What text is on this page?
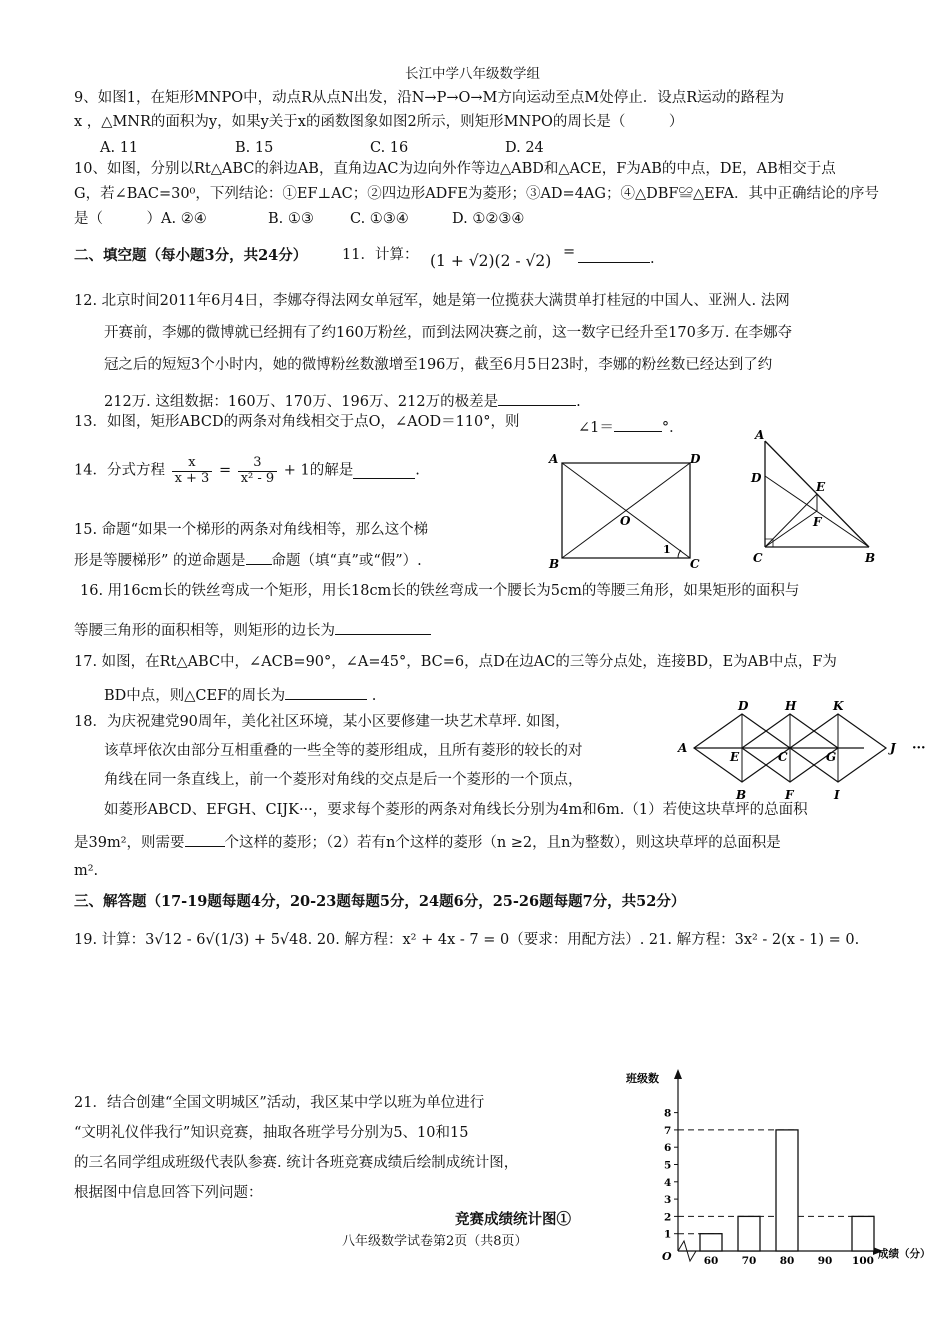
长江中学八年级数学组
9、如图1，在矩形MNPO中，动点R从点N出发，沿N→P→O→M方向运动至点M处停止．设点R运动的路程为
x ，△MNR的面积为y，如果y关于x的函数图象如图2所示，则矩形MNPO的周长是（　　　）
A. 11	B. 15	C. 16	D. 24
10、如图，分别以Rt△ABC的斜边AB，直角边AC为边向外作等边△ABD和△ACE，F为AB的中点，DE，AB相交于点
G，若∠BAC=30⁰，下列结论：①EF⊥AC；②四边形ADFE为菱形；③AD=4AG；④△DBF≌△EFA．其中正确结论的序号
是（　　　）A. ②④	B. ①③ C. ①③④	D. ①②③④
二、填空题（每小题3分，共24分） 11．计算： (1 + √2)(2 - √2) =	.
12. 北京时间2011年6月4日，李娜夺得法网女单冠军，她是第一位揽获大满贯单打桂冠的中国人、亚洲人. 法网
开赛前，李娜的微博就已经拥有了约160万粉丝，而到法网决赛之前，这一数字已经升至170多万. 在李娜夺
冠之后的短短3个小时内，她的微博粉丝数激增至196万，截至6月5日23时，李娜的粉丝数已经达到了约
212万. 这组数据：160万、170万、196万、212万的极差是	.
13．如图，矩形ABCD的两条对角线相交于点O，∠AOD＝110°，则	∠1＝	°．
14．分式方程 $\frac{x}{x + 3} = \frac{3}{\text{x² - 9}} + 1$的解是	.
15. 命题“如果一个梯形的两条对角线相等，那么这个梯
形是等腰梯形” 的逆命题是 命题（填“真”或“假”）.
16. 用16cm长的铁丝弯成一个矩形，用长18cm长的铁丝弯成一个腰长为5cm的等腰三角形，如果矩形的面积与
等腰三角形的面积相等，则矩形的边长为
17. 如图，在Rt△ABC中，∠ACB=90°，∠A=45°，BC=6，点D在边AC的三等分点处，连接BD，E为AB中点，F为
BD中点，则△CEF的周长为	.
18．为庆祝建党90周年，美化社区环境，某小区要修建一块艺术草坪. 如图，
该草坪依次由部分互相重叠的一些全等的菱形组成，且所有菱形的较长的对
角线在同一条直线上，前一个菱形对角线的交点是后一个菱形的一个顶点，
如菱形ABCD、EFGH、CIJK···，要求每个菱形的两条对角线长分别为4m和6m.（1）若使这块草坪的总面积
是39m²，则需要	个这样的菱形；（2）若有n个这样的菱形（n ≥2，且n为整数），则这块草坪的总面积是
m².
三、解答题（17-19题每题4分，20-23题每题5分，24题6分，25-26题每题7分，共52分）
19. 计算：3√12 - 6√(1/3) + 5√48. 20. 解方程：x² + 4x - 7 = 0（要求：用配方法）. 21. 解方程：3x² - 2(x - 1) = 0.
21．结合创建“全国文明城区”活动，我区某中学以班为单位进行
“文明礼仪伴我行”知识竞赛，抽取各班学号分别为5、10和15
的三名同学组成班级代表队参赛. 统计各班竞赛成绩后绘制成统计图，
根据图中信息回答下列问题：
竞赛成绩统计图①
八年级数学试卷第2页（共8页）
A	D
B	C
O
1
A
D
E
F
C	B
A
D	H	K
E	C	G
B	F	I
J ···
班级数
成绩（分）
O
1
2
3
4
5
6
7
8
60 70 80 90 100
